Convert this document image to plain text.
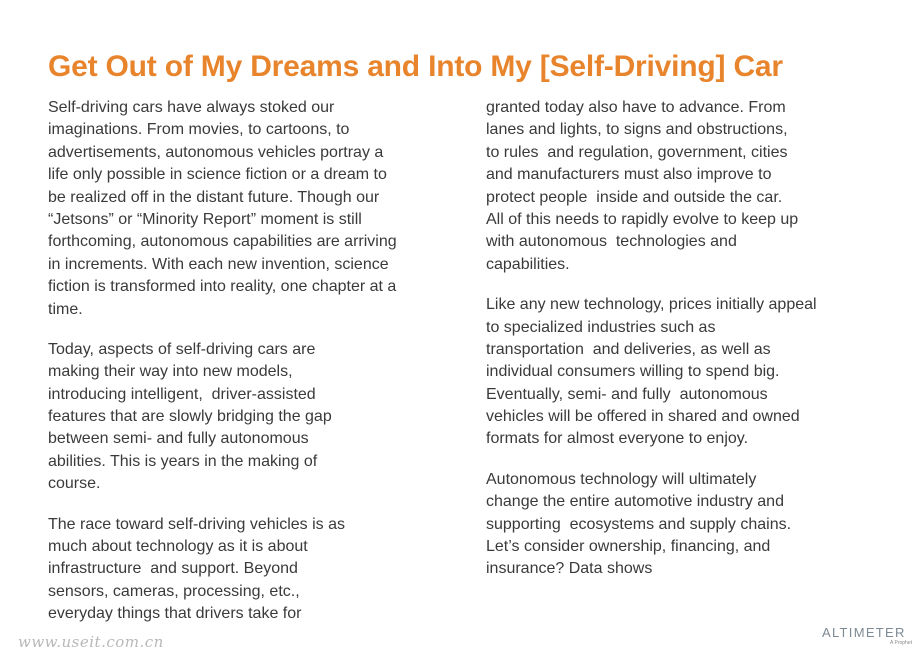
Get Out of My Dreams and Into My [Self-Driving] Car
Self-driving cars have always stoked our
imaginations. From movies, to cartoons, to
advertisements, autonomous vehicles portray a
life only possible in science fiction or a dream to
be realized off in the distant future. Though our
“Jetsons” or “Minority Report” moment is still
forthcoming, autonomous capabilities are arriving
in increments. With each new invention, science
fiction is transformed into reality, one chapter at a
time.
Today, aspects of self-driving cars are
making their way into new models,
introducing intelligent,  driver-assisted
features that are slowly bridging the gap
between semi- and fully autonomous
abilities. This is years in the making of
course.
The race toward self-driving vehicles is as
much about technology as it is about
infrastructure  and support. Beyond
sensors, cameras, processing, etc.,
everyday things that drivers take for
granted today also have to advance. From
lanes and lights, to signs and obstructions,
to rules  and regulation, government, cities
and manufacturers must also improve to
protect people  inside and outside the car.
All of this needs to rapidly evolve to keep up
with autonomous  technologies and
capabilities.
Like any new technology, prices initially appeal
to specialized industries such as
transportation  and deliveries, as well as
individual consumers willing to spend big.
Eventually, semi- and fully  autonomous
vehicles will be offered in shared and owned
formats for almost everyone to enjoy.
Autonomous technology will ultimately
change the entire automotive industry and
supporting  ecosystems and supply chains.
Let’s consider ownership, financing, and
insurance? Data shows
ALTIMETER
A Prophet
www.useit.com.cn
